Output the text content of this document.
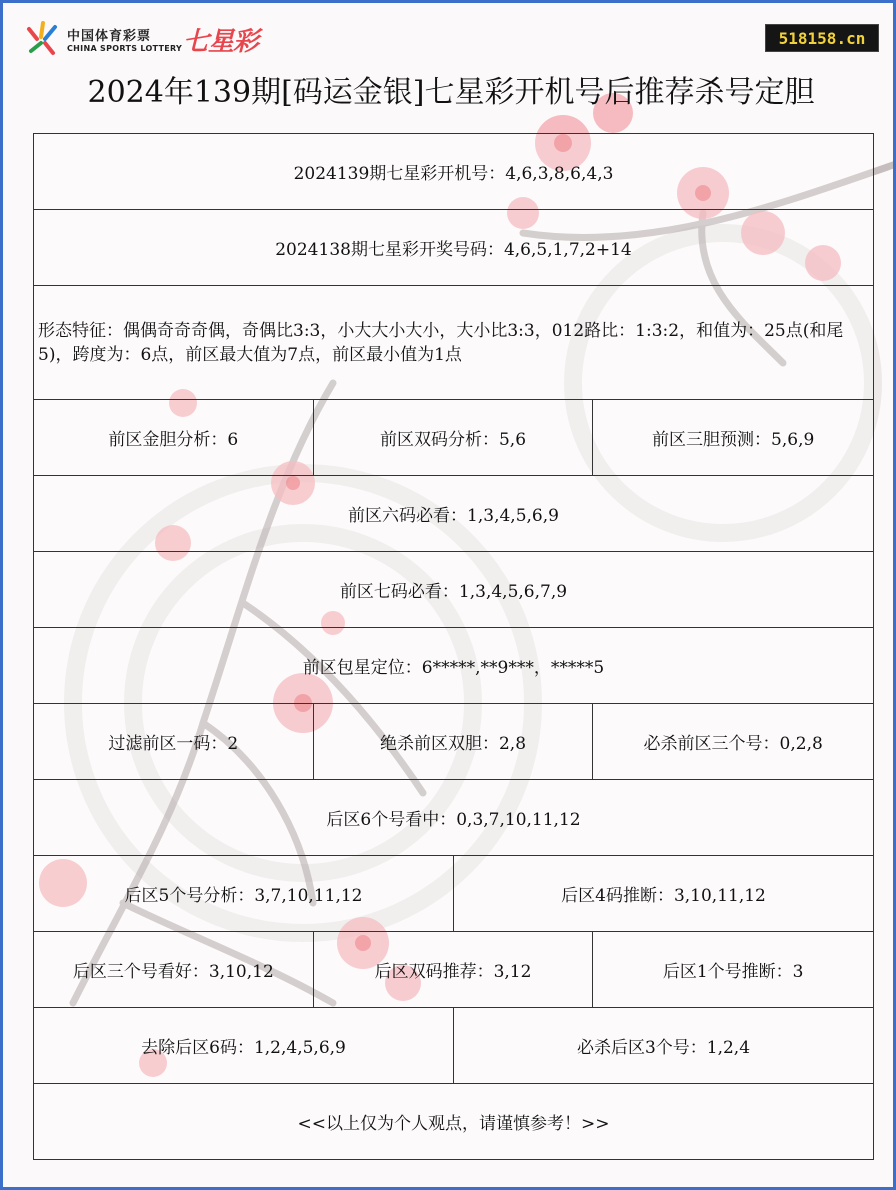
中国体育彩票
CHINA SPORTS LOTTERY 七星彩	518158.cn
2024年139期[码运金银]七星彩开机号后推荐杀号定胆
2024139期七星彩开机号：4,6,3,8,6,4,3
2024138期七星彩开奖号码：4,6,5,1,7,2+14
形态特征：偶偶奇奇奇偶，奇偶比3:3，小大大小大小，大小比3:3，012路比：1:3:2，和值为：25点(和尾5)，跨度为：6点，前区最大值为7点，前区最小值为1点
前区金胆分析：6	前区双码分析：5,6	前区三胆预测：5,6,9
前区六码必看：1,3,4,5,6,9
前区七码必看：1,3,4,5,6,7,9
前区包星定位：6*****,**9***，*****5
过滤前区一码：2	绝杀前区双胆：2,8	必杀前区三个号：0,2,8
后区6个号看中：0,3,7,10,11,12
后区5个号分析：3,7,10,11,12	后区4码推断：3,10,11,12
后区三个号看好：3,10,12	后区双码推荐：3,12	后区1个号推断：3
去除后区6码：1,2,4,5,6,9	必杀后区3个号：1,2,4
<<以上仅为个人观点，请谨慎参考！>>
